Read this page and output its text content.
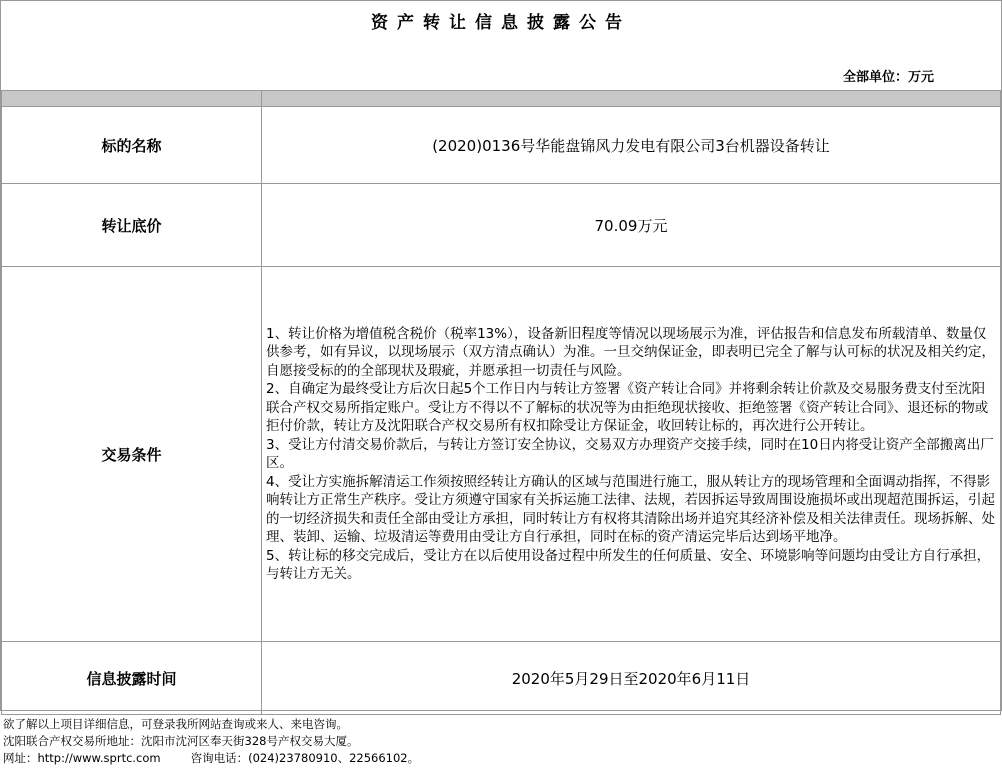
资产转让信息披露公告
全部单位：万元

标的名称	(2020)0136号华能盘锦风力发电有限公司3台机器设备转让
转让底价	70.09万元
交易条件	1、转让价格为增值税含税价（税率13%），设备新旧程度等情况以现场展示为准，评估报告和信息发布所载清单、数量仅供参考，如有异议，以现场展示（双方清点确认）为准。一旦交纳保证金，即表明已完全了解与认可标的状况及相关约定，自愿接受标的的全部现状及瑕疵，并愿承担一切责任与风险。

2、自确定为最终受让方后次日起5个工作日内与转让方签署《资产转让合同》并将剩余转让价款及交易服务费支付至沈阳联合产权交易所指定账户。受让方不得以不了解标的状况等为由拒绝现状接收、拒绝签署《资产转让合同》、退还标的物或拒付价款，转让方及沈阳联合产权交易所有权扣除受让方保证金，收回转让标的，再次进行公开转让。

3、受让方付清交易价款后，与转让方签订安全协议，交易双方办理资产交接手续，同时在10日内将受让资产全部搬离出厂区。

4、受让方实施拆解清运工作须按照经转让方确认的区域与范围进行施工，服从转让方的现场管理和全面调动指挥，不得影响转让方正常生产秩序。受让方须遵守国家有关拆运施工法律、法规，若因拆运导致周围设施损坏或出现超范围拆运，引起的一切经济损失和责任全部由受让方承担，同时转让方有权将其清除出场并追究其经济补偿及相关法律责任。现场拆解、处理、装卸、运输、垃圾清运等费用由受让方自行承担，同时在标的资产清运完毕后达到场平地净。

5、转让标的移交完成后，受让方在以后使用设备过程中所发生的任何质量、安全、环境影响等问题均由受让方自行承担，与转让方无关。

信息披露时间	2020年5月29日至2020年6月11日
欲了解以上项目详细信息，可登录我所网站查询或来人、来电咨询。
沈阳联合产权交易所地址：沈阳市沈河区奉天街328号产权交易大厦。
网址：http://www.sprtc.com	咨询电话：(024)23780910、22566102。
